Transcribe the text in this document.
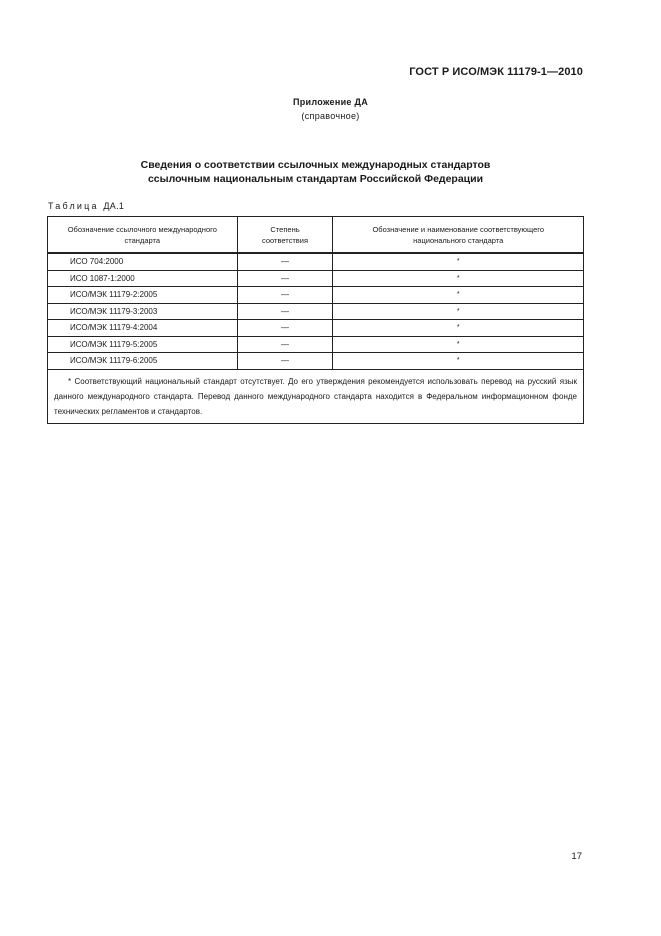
ГОСТ Р ИСО/МЭК 11179-1—2010
Приложение ДА
(справочное)
Сведения о соответствии ссылочных международных стандартов
ссылочным национальным стандартам Российской Федерации
Таблица ДА.1
Обозначение ссылочного международного стандарта	Степень соответствия	Обозначение и наименование соответствующего национального стандарта

ИСО 704:2000	—	*
ИСО 1087-1:2000	—	*
ИСО/МЭК 11179-2:2005	—	*
ИСО/МЭК 11179-3:2003	—	*
ИСО/МЭК 11179-4:2004	—	*
ИСО/МЭК 11179-5:2005	—	*
ИСО/МЭК 11179-6:2005	—	*
* Соответствующий национальный стандарт отсутствует. До его утверждения рекомендуется использовать перевод на русский язык данного международного стандарта. Перевод данного международного стандарта находится в Федеральном информационном фонде технических регламентов и стандартов.		
17
